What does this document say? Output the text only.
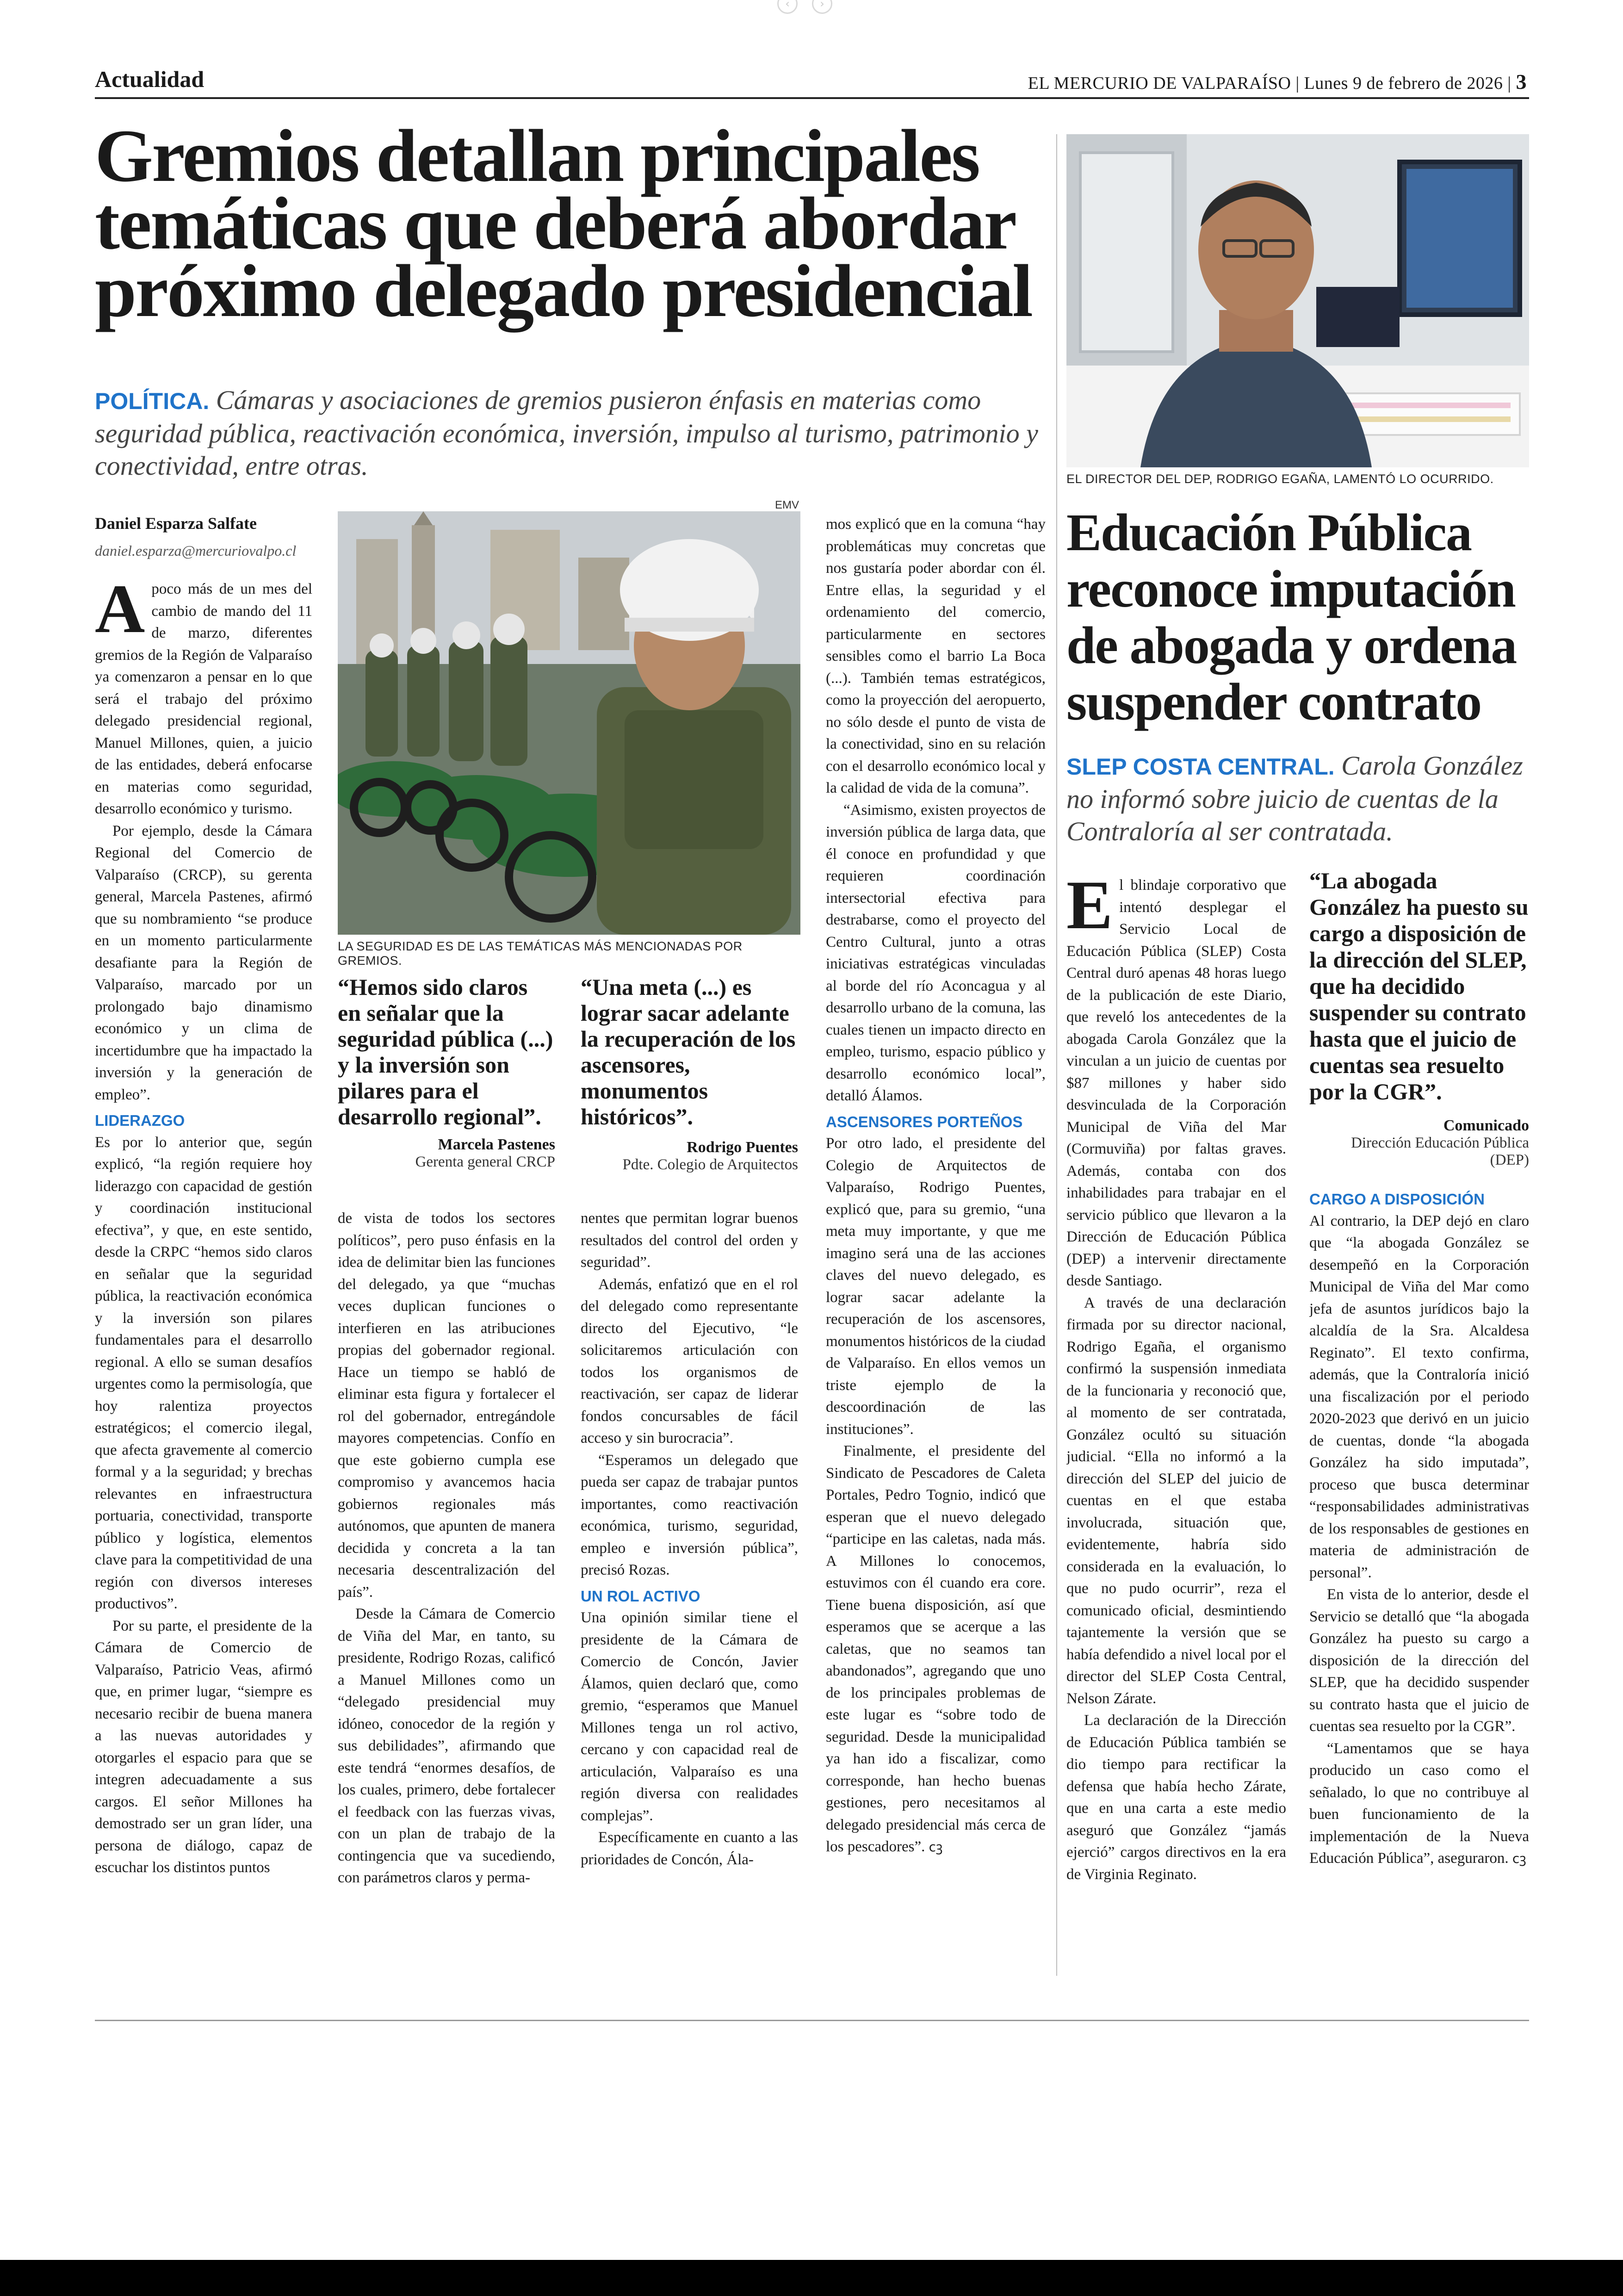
‹	›
Actualidad	EL MERCURIO DE VALPARAÍSO | Lunes 9 de febrero de 2026 | 3
Gremios detallan principales temáticas que deberá abordar próximo delegado presidencial
POLÍTICA. Cámaras y asociaciones de gremios pusieron énfasis en materias como seguridad pública, reactivación económica, inversión, impulso al turismo, patrimonio y conectividad, entre otras.
Daniel Esparza Salfate
daniel.esparza@mercuriovalpo.cl
EMV
LA SEGURIDAD ES DE LAS TEMÁTICAS MÁS MENCIONADAS POR GREMIOS.

Apoco más de un mes del cambio de mando del 11 de marzo, diferentes gremios de la Región de Valparaíso ya comenzaron a pensar en lo que será el trabajo del próximo delegado presidencial regional, Manuel Millones, quien, a juicio de las entidades, deberá enfocarse en materias como seguridad, desarrollo económico y turismo.

Por ejemplo, desde la Cámara Regional del Comercio de Valparaíso (CRCP), su gerenta general, Marcela Pastenes, afirmó que su nombramiento “se produce en un momento particularmente desafiante para la Región de Valparaíso, marcado por un prolongado bajo dinamismo económico y un clima de incertidumbre que ha impactado la inversión y la generación de empleo”.

LIDERAZGO

Es por lo anterior que, según explicó, “la región requiere hoy liderazgo con capacidad de gestión y coordinación institucional efectiva”, y que, en este sentido, desde la CRPC “hemos sido claros en señalar que la seguridad pública, la reactivación económica y la inversión son pilares fundamentales para el desarrollo regional. A ello se suman desafíos urgentes como la permisología, que hoy ralentiza proyectos estratégicos; el comercio ilegal, que afecta gravemente al comercio formal y a la seguridad; y brechas relevantes en infraestructura portuaria, conectividad, transporte público y logística, elementos clave para la competitividad de una región con diversos intereses productivos”.

Por su parte, el presidente de la Cámara de Comercio de Valparaíso, Patricio Veas, afirmó que, en primer lugar, “siempre es necesario recibir de buena manera a las nuevas autoridades y otorgarles el espacio para que se integren adecuadamente a sus cargos. El señor Millones ha demostrado ser un gran líder, una persona de diálogo, capaz de escuchar los distintos puntos

“Hemos sido claros en señalar que la seguridad pública (...) y la inversión son pilares para el desarrollo regional”.
Marcela Pastenes
Gerenta general CRCP
“Una meta (...) es lograr sacar adelante la recuperación de los ascensores, monumentos históricos”.
Rodrigo Puentes
Pdte. Colegio de Arquitectos

de vista de todos los sectores políticos”, pero puso énfasis en la idea de delimitar bien las funciones del delegado, ya que “muchas veces duplican funciones o interfieren en las atribuciones propias del gobernador regional. Hace un tiempo se habló de eliminar esta figura y fortalecer el rol del gobernador, entregándole mayores competencias. Confío en que este gobierno cumpla ese compromiso y avancemos hacia gobiernos regionales más autónomos, que apunten de manera decidida y concreta a la tan necesaria descentralización del país”.

Desde la Cámara de Comercio de Viña del Mar, en tanto, su presidente, Rodrigo Rozas, calificó a Manuel Millones como un “delegado presidencial muy idóneo, conocedor de la región y sus debilidades”, afirmando que este tendrá “enormes desafíos, de los cuales, primero, debe fortalecer el feedback con las fuerzas vivas, con un plan de trabajo de la contingencia que va sucediendo, con parámetros claros y perma-

nentes que permitan lograr buenos resultados del control del orden y seguridad”.

Además, enfatizó que en el rol del delegado como representante directo del Ejecutivo, “le solicitaremos articulación con todos los organismos de reactivación, ser capaz de liderar fondos concursables de fácil acceso y sin burocracia”.

“Esperamos un delegado que pueda ser capaz de trabajar puntos importantes, como reactivación económica, turismo, seguridad, empleo e inversión pública”, precisó Rozas.

UN ROL ACTIVO

Una opinión similar tiene el presidente de la Cámara de Comercio de Concón, Javier Álamos, quien declaró que, como gremio, “esperamos que Manuel Millones tenga un rol activo, cercano y con capacidad real de articulación, Valparaíso es una región diversa con realidades complejas”.

Específicamente en cuanto a las prioridades de Concón, Ála-

mos explicó que en la comuna “hay problemáticas muy concretas que nos gustaría poder abordar con él. Entre ellas, la seguridad y el ordenamiento del comercio, particularmente en sectores sensibles como el barrio La Boca (...). También temas estratégicos, como la proyección del aeropuerto, no sólo desde el punto de vista de la conectividad, sino en su relación con el desarrollo económico local y la calidad de vida de la comuna”.

“Asimismo, existen proyectos de inversión pública de larga data, que él conoce en profundidad y que requieren coordinación intersectorial efectiva para destrabarse, como el proyecto del Centro Cultural, junto a otras iniciativas estratégicas vinculadas al borde del río Aconcagua y al desarrollo urbano de la comuna, las cuales tienen un impacto directo en empleo, turismo, espacio público y desarrollo económico local”, detalló Álamos.

ASCENSORES PORTEÑOS

Por otro lado, el presidente del Colegio de Arquitectos de Valparaíso, Rodrigo Puentes, explicó que, para su gremio, “una meta muy importante, y que me imagino será una de las acciones claves del nuevo delegado, es lograr sacar adelante la recuperación de los ascensores, monumentos históricos de la ciudad de Valparaíso. En ellos vemos un triste ejemplo de la descoordinación de las instituciones”.

Finalmente, el presidente del Sindicato de Pescadores de Caleta Portales, Pedro Tognio, indicó que esperan que el nuevo delegado “participe en las caletas, nada más. A Millones lo conocemos, estuvimos con él cuando era core. Tiene buena disposición, así que esperamos que se acerque a las caletas, que no seamos tan abandonados”, agregando que uno de los principales problemas de este lugar es “sobre todo de seguridad. Desde la municipalidad ya han ido a fiscalizar, como corresponde, han hecho buenas gestiones, pero necesitamos al delegado presidencial más cerca de los pescadores”. ᴄꝫ

EL DIRECTOR DEL DEP, RODRIGO EGAÑA, LAMENTÓ LO OCURRIDO.
Educación Pública reconoce imputación de abogada y ordena suspender contrato
SLEP COSTA CENTRAL. Carola González no informó sobre juicio de cuentas de la Contraloría al ser contratada.

El blindaje corporativo que intentó desplegar el Servicio Local de Educación Pública (SLEP) Costa Central duró apenas 48 horas luego de la publicación de este Diario, que reveló los antecedentes de la abogada Carola González que la vinculan a un juicio de cuentas por $87 millones y haber sido desvinculada de la Corporación Municipal de Viña del Mar (Cormuviña) por faltas graves. Además, contaba con dos inhabilidades para trabajar en el servicio público que llevaron a la Dirección de Educación Pública (DEP) a intervenir directamente desde Santiago.

A través de una declaración firmada por su director nacional, Rodrigo Egaña, el organismo confirmó la suspensión inmediata de la funcionaria y reconoció que, al momento de ser contratada, González ocultó su situación judicial. “Ella no informó a la dirección del SLEP del juicio de cuentas en el que estaba involucrada, situación que, evidentemente, habría sido considerada en la evaluación, lo que no pudo ocurrir”, reza el comunicado oficial, desmintiendo tajantemente la versión que se había defendido a nivel local por el director del SLEP Costa Central, Nelson Zárate.

La declaración de la Dirección de Educación Pública también se dio tiempo para rectificar la defensa que había hecho Zárate, que en una carta a este medio aseguró que González “jamás ejerció” cargos directivos en la era de Virginia Reginato.

“La abogada González ha puesto su cargo a disposición de la dirección del SLEP, que ha decidido suspender su contrato hasta que el juicio de cuentas sea resuelto por la CGR”.
Comunicado
Dirección Educación Pública (DEP)
CARGO A DISPOSICIÓN

Al contrario, la DEP dejó en claro que “la abogada González se desempeñó en la Corporación Municipal de Viña del Mar como jefa de asuntos jurídicos bajo la alcaldía de la Sra. Alcaldesa Reginato”. El texto confirma, además, que la Contraloría inició una fiscalización por el periodo 2020-2023 que derivó en un juicio de cuentas, donde “la abogada González ha sido imputada”, proceso que busca determinar “responsabilidades administrativas de los responsables de gestiones en materia de administración de personal”.

En vista de lo anterior, desde el Servicio se detalló que “la abogada González ha puesto su cargo a disposición de la dirección del SLEP, que ha decidido suspender su contrato hasta que el juicio de cuentas sea resuelto por la CGR”.

“Lamentamos que se haya producido un caso como el señalado, lo que no contribuye al buen funcionamiento de la implementación de la Nueva Educación Pública”, aseguraron. ᴄꝫ
